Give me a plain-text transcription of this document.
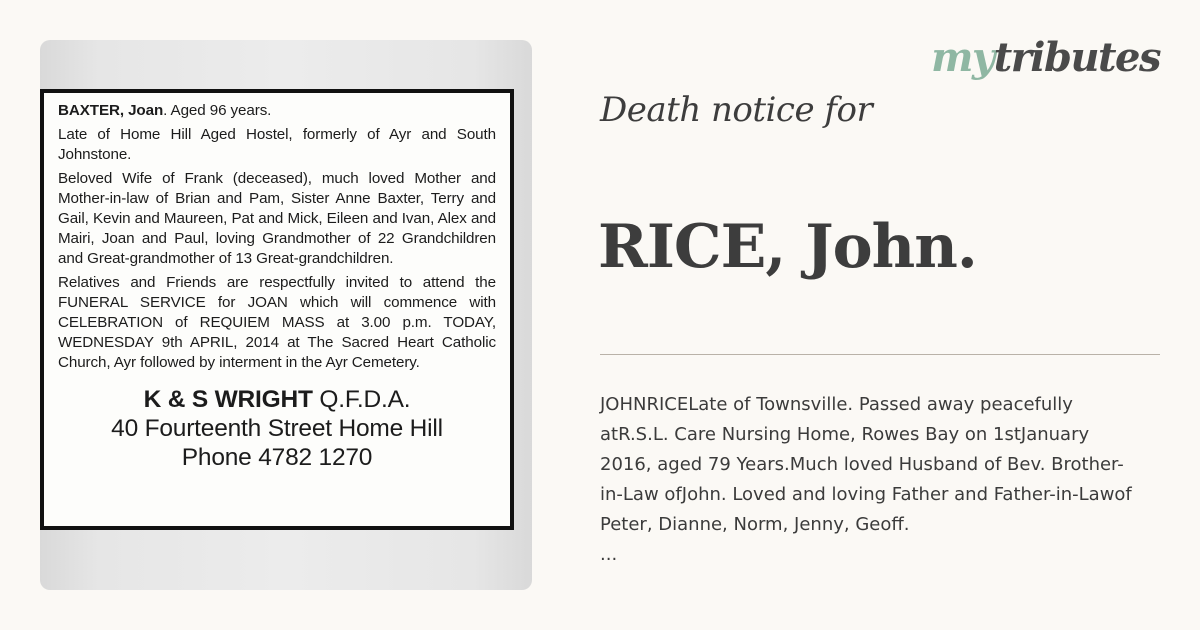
BAXTER, Joan. Aged 96 years.

Late of Home Hill Aged Hostel, formerly of Ayr and South Johnstone.

Beloved Wife of Frank (deceased), much loved Mother and Mother-in-law of Brian and Pam, Sister Anne Baxter, Terry and Gail, Kevin and Maureen, Pat and Mick, Eileen and Ivan, Alex and Mairi, Joan and Paul, loving Grandmother of 22 Grandchildren and Great-grandmother of 13 Great-grandchildren.

Relatives and Friends are respectfully invited to attend the FUNERAL SERVICE for JOAN which will commence with CELEBRATION of REQUIEM MASS at 3.00 p.m. TODAY, WEDNESDAY 9th APRIL, 2014 at The Sacred Heart Catholic Church, Ayr followed by interment in the Ayr Cemetery.

K & S WRIGHT Q.F.D.A.
40 Fourteenth Street Home Hill
Phone 4782 1270
mytributes
Death notice for
RICE, John.
JOHNRICELate of Townsville. Passed away peacefully atR.S.L. Care Nursing Home, Rowes Bay on 1stJanuary 2016, aged 79 Years.Much loved Husband of Bev. Brother-in-Law ofJohn. Loved and loving Father and Father-in-Lawof Peter, Dianne, Norm, Jenny, Geoff.
...
